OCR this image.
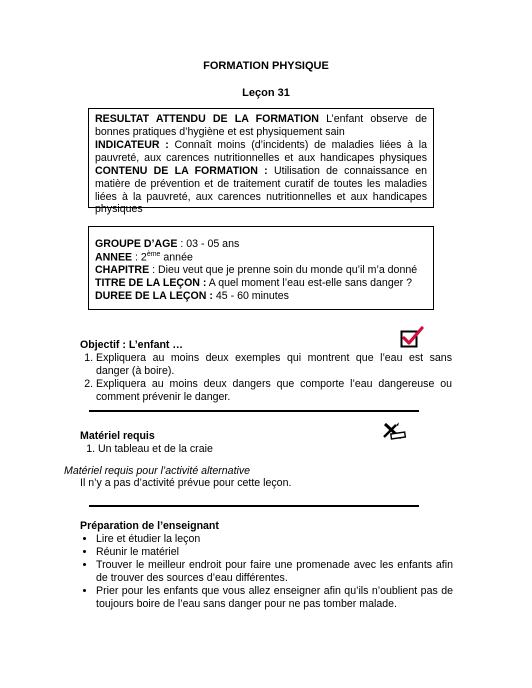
FORMATION PHYSIQUE
Leçon 31
RESULTAT ATTENDU DE LA FORMATION L’enfant observe de bonnes pratiques d’hygiène et est physiquement sain
INDICATEUR : Connaît moins (d’incidents) de maladies liées à la pauvreté, aux carences nutritionnelles et aux handicapes physiques CONTENU DE LA FORMATION : Utilisation de connaissance en matière de prévention et de traitement curatif de toutes les maladies liées à la pauvreté, aux carences nutritionnelles et aux handicapes physiques
GROUPE D’AGE : 03 - 05 ans
ANNEE : 2ème année
CHAPITRE : Dieu veut que je prenne soin du monde qu’il m’a donné
TITRE DE LA LEÇON : A quel moment l’eau est-elle sans danger ?
DUREE DE LA LEÇON : 45 - 60 minutes
Objectif : L’enfant …
1. Expliquera au moins deux exemples qui montrent que l’eau est sans danger (à boire).
2. Expliquera au moins deux dangers que comporte l’eau dangereuse ou comment prévenir le danger.
Matériel requis
1. Un tableau et de la craie
Matériel requis pour l’activité alternative
Il n’y a pas d’activité prévue pour cette leçon.
Préparation de l’enseignant
• Lire et étudier la leçon
• Réunir le matériel
• Trouver le meilleur endroit pour faire une promenade avec les enfants afin de trouver des sources d’eau différentes.
• Prier pour les enfants que vous allez enseigner afin qu’ils n’oublient pas de toujours boire de l’eau sans danger pour ne pas tomber malade.
